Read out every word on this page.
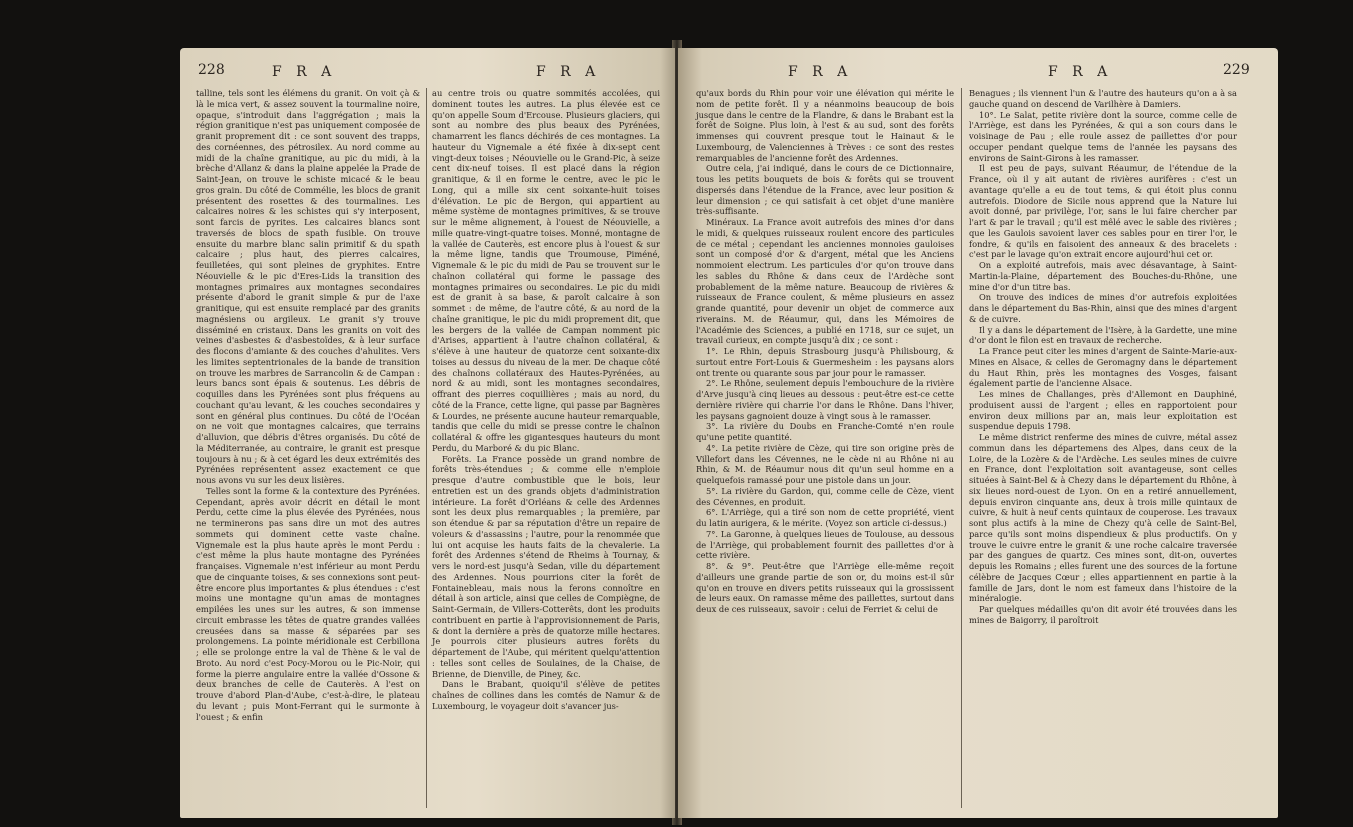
228	F R A	F R A

talline, tels sont les élémens du granit. On voit çà & là le mica vert, & assez souvent la tourmaline noire, opaque, s'introduit dans l'aggrégation ; mais la région granitique n'est pas uniquement composée de granit proprement dit : ce sont souvent des trapps, des cornéennes, des pétrosilex. Au nord comme au midi de la chaîne granitique, au pic du midi, à la brèche d'Allanz & dans la plaine appelée la Prade de Saint-Jean, on trouve le schiste micacé & le beau gros grain. Du côté de Commélie, les blocs de granit présentent des rosettes & des tourmalines. Les calcaires noires & les schistes qui s'y interposent, sont farcis de pyrites. Les calcaires blancs sont traversés de blocs de spath fusible. On trouve ensuite du marbre blanc salin primitif & du spath calcaire ; plus haut, des pierres calcaires, feuilletées, qui sont pleines de gryphites. Entre Néouvielle & le pic d'Eres-Lids la transition des montagnes primaires aux montagnes secondaires présente d'abord le granit simple & pur de l'axe granitique, qui est ensuite remplacé par des granits magnésiens ou argileux. Le granit s'y trouve disséminé en cristaux. Dans les granits on voit des veines d'asbestes & d'asbestoïdes, & à leur surface des flocons d'amiante & des couches d'ahulites. Vers les limites septentrionales de la bande de transition on trouve les marbres de Sarrancolin & de Campan : leurs bancs sont épais & soutenus. Les débris de coquilles dans les Pyrénées sont plus fréquens au couchant qu'au levant, & les couches secondaires y sont en général plus continues. Du côté de l'Océan on ne voit que montagnes calcaires, que terrains d'alluvion, que débris d'êtres organisés. Du côté de la Méditerranée, au contraire, le granit est presque toujours à nu ; & à cet égard les deux extrémités des Pyrénées représentent assez exactement ce que nous avons vu sur les deux lisières.

Telles sont la forme & la contexture des Pyrénées. Cependant, après avoir décrit en détail le mont Perdu, cette cime la plus élevée des Pyrénées, nous ne terminerons pas sans dire un mot des autres sommets qui dominent cette vaste chaîne. Vignemale est la plus haute après le mont Perdu : c'est même la plus haute montagne des Pyrénées françaises. Vignemale n'est inférieur au mont Perdu que de cinquante toises, & ses connexions sont peut-être encore plus importantes & plus étendues : c'est moins une montagne qu'un amas de montagnes empilées les unes sur les autres, & son immense circuit embrasse les têtes de quatre grandes vallées creusées dans sa masse & séparées par ses prolongemens. La pointe méridionale est Cerbillona ; elle se prolonge entre la val de Thène & le val de Broto. Au nord c'est Pocy-Morou ou le Pic-Noir, qui forme la pierre angulaire entre la vallée d'Ossone & deux branches de celle de Cauterès. A l'est on trouve d'abord Plan-d'Aube, c'est-à-dire, le plateau du levant ; puis Mont-Ferrant qui le surmonte à l'ouest ; & enfin

au centre trois ou quatre sommités accolées, qui dominent toutes les autres. La plus élevée est ce qu'on appelle Soum d'Ercouse. Plusieurs glaciers, qui sont au nombre des plus beaux des Pyrénées, chamarrent les flancs déchirés de ces montagnes. La hauteur du Vignemale a été fixée à dix-sept cent vingt-deux toises ; Néouvielle ou le Grand-Pic, à seize cent dix-neuf toises. Il est placé dans la région granitique, & il en forme le centre, avec le pic le Long, qui a mille six cent soixante-huit toises d'élévation. Le pic de Bergon, qui appartient au même système de montagnes primitives, & se trouve sur le même alignement, à l'ouest de Néouvielle, a mille quatre-vingt-quatre toises. Monné, montagne de la vallée de Cauterès, est encore plus à l'ouest & sur la même ligne, tandis que Troumouse, Piméné, Vignemale & le pic du midi de Pau se trouvent sur le chaînon collatéral qui forme le passage des montagnes primaires ou secondaires. Le pic du midi est de granit à sa base, & paroît calcaire à son sommet : de même, de l'autre côté, & au nord de la chaîne granitique, le pic du midi proprement dit, que les bergers de la vallée de Campan nomment pic d'Arises, appartient à l'autre chaînon collatéral, & s'élève à une hauteur de quatorze cent soixante-dix toises au dessus du niveau de la mer. De chaque côté des chaînons collatéraux des Hautes-Pyrénées, au nord & au midi, sont les montagnes secondaires, offrant des pierres coquillières ; mais au nord, du côté de la France, cette ligne, qui passe par Bagnères & Lourdes, ne présente aucune hauteur remarquable, tandis que celle du midi se presse contre le chaînon collatéral & offre les gigantesques hauteurs du mont Perdu, du Marboré & du pic Blanc.

Forêts. La France possède un grand nombre de forêts très-étendues ; & comme elle n'emploie presque d'autre combustible que le bois, leur entretien est un des grands objets d'administration intérieure. La forêt d'Orléans & celle des Ardennes sont les deux plus remarquables ; la première, par son étendue & par sa réputation d'être un repaire de voleurs & d'assassins ; l'autre, pour la renommée que lui ont acquise les hauts faits de la chevalerie. La forêt des Ardennes s'étend de Rheims à Tournay, & vers le nord-est jusqu'à Sedan, ville du département des Ardennes. Nous pourrions citer la forêt de Fontainebleau, mais nous la ferons connoître en détail à son article, ainsi que celles de Compiègne, de Saint-Germain, de Villers-Cotterêts, dont les produits contribuent en partie à l'approvisionnement de Paris, & dont la dernière a près de quatorze mille hectares. Je pourrois citer plusieurs autres forêts du département de l'Aube, qui méritent quelqu'attention : telles sont celles de Soulaines, de la Chaise, de Brienne, de Dienville, de Piney, &c.

Dans le Brabant, quoiqu'il s'élève de petites chaînes de collines dans les comtés de Namur & de Luxembourg, le voyageur doit s'avancer jus-

F R A	F R A	229

qu'aux bords du Rhin pour voir une élévation qui mérite le nom de petite forêt. Il y a néanmoins beaucoup de bois jusque dans le centre de la Flandre, & dans le Brabant est la forêt de Soigne. Plus loin, à l'est & au sud, sont des forêts immenses qui couvrent presque tout le Hainaut & le Luxembourg, de Valenciennes à Trèves : ce sont des restes remarquables de l'ancienne forêt des Ardennes.

Outre cela, j'ai indiqué, dans le cours de ce Dictionnaire, tous les petits bouquets de bois & forêts qui se trouvent dispersés dans l'étendue de la France, avec leur position & leur dimension ; ce qui satisfait à cet objet d'une manière très-suffisante.

Minéraux. La France avoit autrefois des mines d'or dans le midi, & quelques ruisseaux roulent encore des particules de ce métal ; cependant les anciennes monnoies gauloises sont un composé d'or & d'argent, métal que les Anciens nommoient electrum. Les particules d'or qu'on trouve dans les sables du Rhône & dans ceux de l'Ardèche sont probablement de la même nature. Beaucoup de rivières & ruisseaux de France coulent, & même plusieurs en assez grande quantité, pour devenir un objet de commerce aux riverains. M. de Réaumur, qui, dans les Mémoires de l'Académie des Sciences, a publié en 1718, sur ce sujet, un travail curieux, en compte jusqu'à dix ; ce sont :

1°. Le Rhin, depuis Strasbourg jusqu'à Philisbourg, & surtout entre Fort-Louis & Guermesheim : les paysans alors ont trente ou quarante sous par jour pour le ramasser.

2°. Le Rhône, seulement depuis l'embouchure de la rivière d'Arve jusqu'à cinq lieues au dessous : peut-être est-ce cette dernière rivière qui charrie l'or dans le Rhône. Dans l'hiver, les paysans gagnoient douze à vingt sous à le ramasser.

3°. La rivière du Doubs en Franche-Comté n'en roule qu'une petite quantité.

4°. La petite rivière de Cèze, qui tire son origine près de Villefort dans les Cévennes, ne le cède ni au Rhône ni au Rhin, & M. de Réaumur nous dit qu'un seul homme en a quelquefois ramassé pour une pistole dans un jour.

5°. La rivière du Gardon, qui, comme celle de Cèze, vient des Cévennes, en produit.

6°. L'Arriège, qui a tiré son nom de cette propriété, vient du latin aurigera, & le mérite. (Voyez son article ci-dessus.)

7°. La Garonne, à quelques lieues de Toulouse, au dessous de l'Arriège, qui probablement fournit des paillettes d'or à cette rivière.

8°. & 9°. Peut-être que l'Arriège elle-même reçoit d'ailleurs une grande partie de son or, du moins est-il sûr qu'on en trouve en divers petits ruisseaux qui la grossissent de leurs eaux. On ramasse même des paillettes, surtout dans deux de ces ruisseaux, savoir : celui de Ferriet & celui de

Benagues ; ils viennent l'un & l'autre des hauteurs qu'on a à sa gauche quand on descend de Varilhère à Damiers.

10°. Le Salat, petite rivière dont la source, comme celle de l'Arriège, est dans les Pyrénées, & qui a son cours dans le voisinage de Pau ; elle roule assez de paillettes d'or pour occuper pendant quelque tems de l'année les paysans des environs de Saint-Girons à les ramasser.

Il est peu de pays, suivant Réaumur, de l'étendue de la France, où il y ait autant de rivières aurifères : c'est un avantage qu'elle a eu de tout tems, & qui étoit plus connu autrefois. Diodore de Sicile nous apprend que la Nature lui avoit donné, par privilège, l'or, sans le lui faire chercher par l'art & par le travail ; qu'il est mêlé avec le sable des rivières ; que les Gaulois savoient laver ces sables pour en tirer l'or, le fondre, & qu'ils en faisoient des anneaux & des bracelets : c'est par le lavage qu'on extrait encore aujourd'hui cet or.

On a exploité autrefois, mais avec désavantage, à Saint-Martin-la-Plaine, département des Bouches-du-Rhône, une mine d'or d'un titre bas.

On trouve des indices de mines d'or autrefois exploitées dans le département du Bas-Rhin, ainsi que des mines d'argent & de cuivre.

Il y a dans le département de l'Isère, à la Gardette, une mine d'or dont le filon est en travaux de recherche.

La France peut citer les mines d'argent de Sainte-Marie-aux-Mines en Alsace, & celles de Geromagny dans le département du Haut Rhin, près les montagnes des Vosges, faisant également partie de l'ancienne Alsace.

Les mines de Challanges, près d'Allemont en Dauphiné, produisent aussi de l'argent ; elles en rapportoient pour environ deux millions par an, mais leur exploitation est suspendue depuis 1798.

Le même district renferme des mines de cuivre, métal assez commun dans les départemens des Alpes, dans ceux de la Loire, de la Lozère & de l'Ardèche. Les seules mines de cuivre en France, dont l'exploitation soit avantageuse, sont celles situées à Saint-Bel & à Chezy dans le département du Rhône, à six lieues nord-ouest de Lyon. On en a retiré annuellement, depuis environ cinquante ans, deux à trois mille quintaux de cuivre, & huit à neuf cents quintaux de couperose. Les travaux sont plus actifs à la mine de Chezy qu'à celle de Saint-Bel, parce qu'ils sont moins dispendieux & plus productifs. On y trouve le cuivre entre le granit & une roche calcaire traversée par des gangues de quartz. Ces mines sont, dit-on, ouvertes depuis les Romains ; elles furent une des sources de la fortune célèbre de Jacques Cœur ; elles appartiennent en partie à la famille de Jars, dont le nom est fameux dans l'histoire de la minéralogie.

Par quelques médailles qu'on dit avoir été trouvées dans les mines de Baigorry, il paroîtroit
